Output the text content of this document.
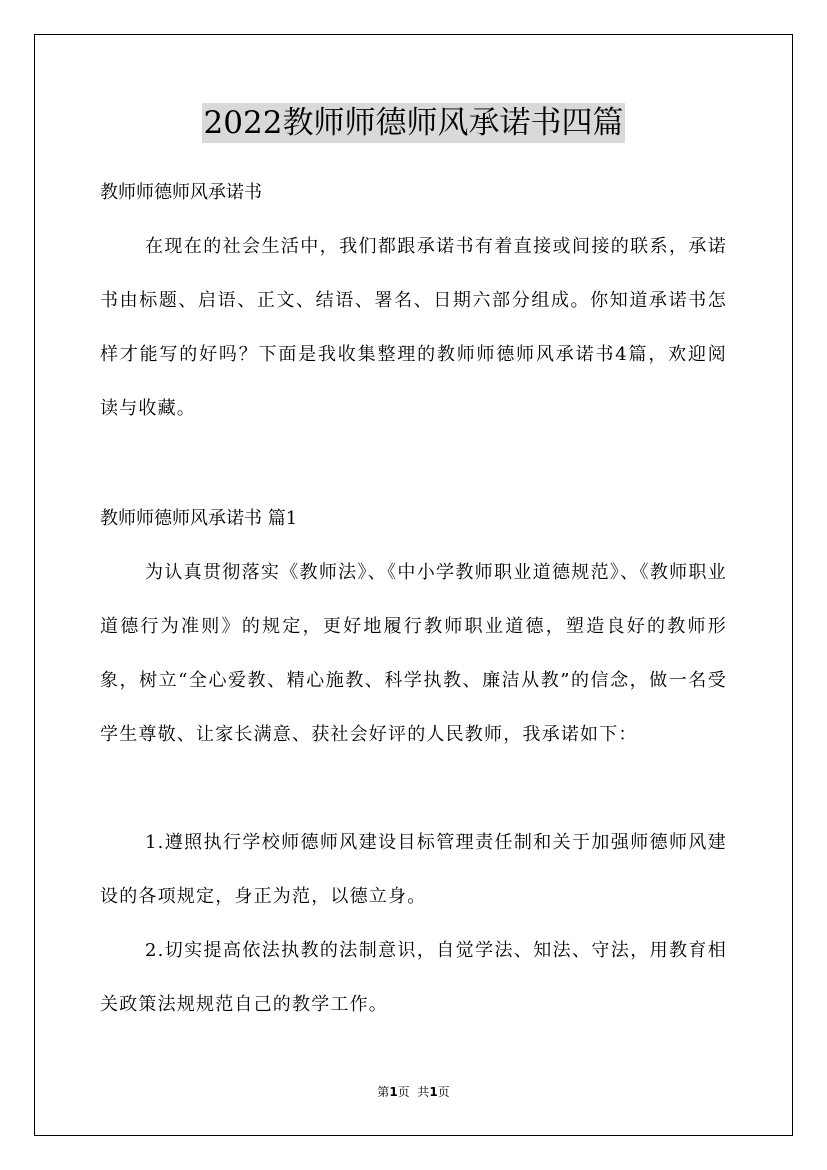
2022教师师德师风承诺书四篇
教师师德师风承诺书

在现在的社会生活中，我们都跟承诺书有着直接或间接的联系，承诺书由标题、启语、正文、结语、署名、日期六部分组成。你知道承诺书怎样才能写的好吗？下面是我收集整理的教师师德师风承诺书4篇，欢迎阅读与收藏。

教师师德师风承诺书 篇1

为认真贯彻落实《教师法》、《中小学教师职业道德规范》、《教师职业道德行为准则》的规定，更好地履行教师职业道德，塑造良好的教师形象，树立“全心爱教、精心施教、科学执教、廉洁从教”的信念，做一名受学生尊敬、让家长满意、获社会好评的人民教师，我承诺如下：

1.遵照执行学校师德师风建设目标管理责任制和关于加强师德师风建设的各项规定，身正为范，以德立身。

2.切实提高依法执教的法制意识，自觉学法、知法、守法，用教育相关政策法规规范自己的教学工作。

第1页  共1页
